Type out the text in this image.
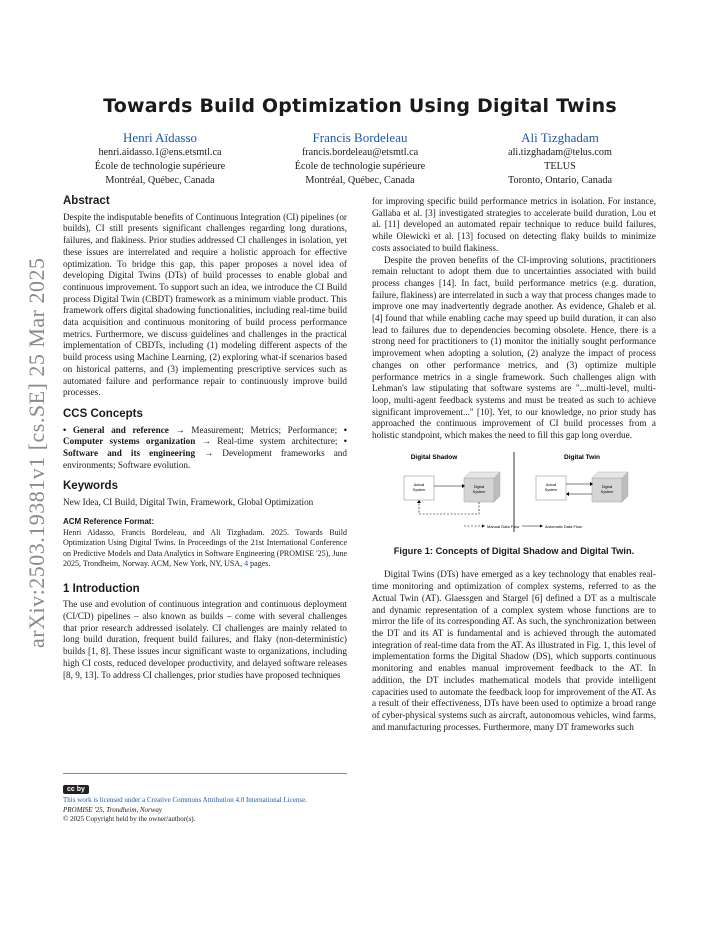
arXiv:2503.19381v1 [cs.SE] 25 Mar 2025
Towards Build Optimization Using Digital Twins
Henri Aïdasso
henri.aidasso.1@ens.etsmtl.ca
École de technologie supérieure
Montréal, Québec, Canada
Francis Bordeleau
francis.bordeleau@etsmtl.ca
École de technologie supérieure
Montréal, Québec, Canada
Ali Tizghadam
ali.tizghadam@telus.com
TELUS
Toronto, Ontario, Canada
Abstract

Despite the indisputable benefits of Continuous Integration (CI) pipelines (or builds), CI still presents significant challenges regarding long durations, failures, and flakiness. Prior studies addressed CI challenges in isolation, yet these issues are interrelated and require a holistic approach for effective optimization. To bridge this gap, this paper proposes a novel idea of developing Digital Twins (DTs) of build processes to enable global and continuous improvement. To support such an idea, we introduce the CI Build process Digital Twin (CBDT) framework as a minimum viable product. This framework offers digital shadowing functionalities, including real-time build data acquisition and continuous monitoring of build process performance metrics. Furthermore, we discuss guidelines and challenges in the practical implementation of CBDTs, including (1) modeling different aspects of the build process using Machine Learning, (2) exploring what-if scenarios based on historical patterns, and (3) implementing prescriptive services such as automated failure and performance repair to continuously improve build processes.

CCS Concepts

• General and reference → Measurement; Metrics; Performance; • Computer systems organization → Real-time system architecture; • Software and its engineering → Development frameworks and environments; Software evolution.

Keywords

New Idea, CI Build, Digital Twin, Framework, Global Optimization

ACM Reference Format:

Henri Aïdasso, Francis Bordeleau, and Ali Tizghadam. 2025. Towards Build Optimization Using Digital Twins. In Proceedings of the 21st International Conference on Predictive Models and Data Analytics in Software Engineering (PROMISE '25), June 2025, Trondheim, Norway. ACM, New York, NY, USA, 4 pages.

1 Introduction

The use and evolution of continuous integration and continuous deployment (CI/CD) pipelines – also known as builds – come with several challenges that prior research addressed isolately. CI challenges are mainly related to long build duration, frequent build failures, and flaky (non-deterministic) builds [1, 8]. These issues incur significant waste to organizations, including high CI costs, reduced developer productivity, and delayed software releases [8, 9, 13]. To address CI challenges, prior studies have proposed techniques

cc by
This work is licensed under a Creative Commons Attribution 4.0 International License.
PROMISE '25, Trondheim, Norway
© 2025 Copyright held by the owner/author(s).

for improving specific build performance metrics in isolation. For instance, Gallaba et al. [3] investigated strategies to accelerate build duration, Lou et al. [11] developed an automated repair technique to reduce build failures, while Olewicki et al. [13] focused on detecting flaky builds to minimize costs associated to build flakiness.

Despite the proven benefits of the CI-improving solutions, practitioners remain reluctant to adopt them due to uncertainties associated with build process changes [14]. In fact, build performance metrics (e.g. duration, failure, flakiness) are interrelated in such a way that process changes made to improve one may inadvertently degrade another. As evidence, Ghaleb et al. [4] found that while enabling cache may speed up build duration, it can also lead to failures due to dependencies becoming obsolete. Hence, there is a strong need for practitioners to (1) monitor the initially sought performance improvement when adopting a solution, (2) analyze the impact of process changes on other performance metrics, and (3) optimize multiple performance metrics in a single framework. Such challenges align with Lehman's law stipulating that software systems are "...multi-level, multi-loop, multi-agent feedback systems and must be treated as such to achieve significant improvement..." [10]. Yet, to our knowledge, no prior study has approached the continuous improvement of CI build processes from a holistic standpoint, which makes the need to fill this gap long overdue.

Digital Shadow	Digital Twin
Actual
System
Digital
System
Actual
System
Digital
System
Manual Data Flow	Automatic Data Flow
Figure 1: Concepts of Digital Shadow and Digital Twin.

Digital Twins (DTs) have emerged as a key technology that enables real-time monitoring and optimization of complex systems, referred to as the Actual Twin (AT). Glaessgen and Stargel [6] defined a DT as a multiscale and dynamic representation of a complex system whose functions are to mirror the life of its corresponding AT. As such, the synchronization between the DT and its AT is fundamental and is achieved through the automated integration of real-time data from the AT. As illustrated in Fig. 1, this level of implementation forms the Digital Shadow (DS), which supports continuous monitoring and enables manual improvement feedback to the AT. In addition, the DT includes mathematical models that provide intelligent capacities used to automate the feedback loop for improvement of the AT. As a result of their effectiveness, DTs have been used to optimize a broad range of cyber-physical systems such as aircraft, autonomous vehicles, wind farms, and manufacturing processes. Furthermore, many DT frameworks such
